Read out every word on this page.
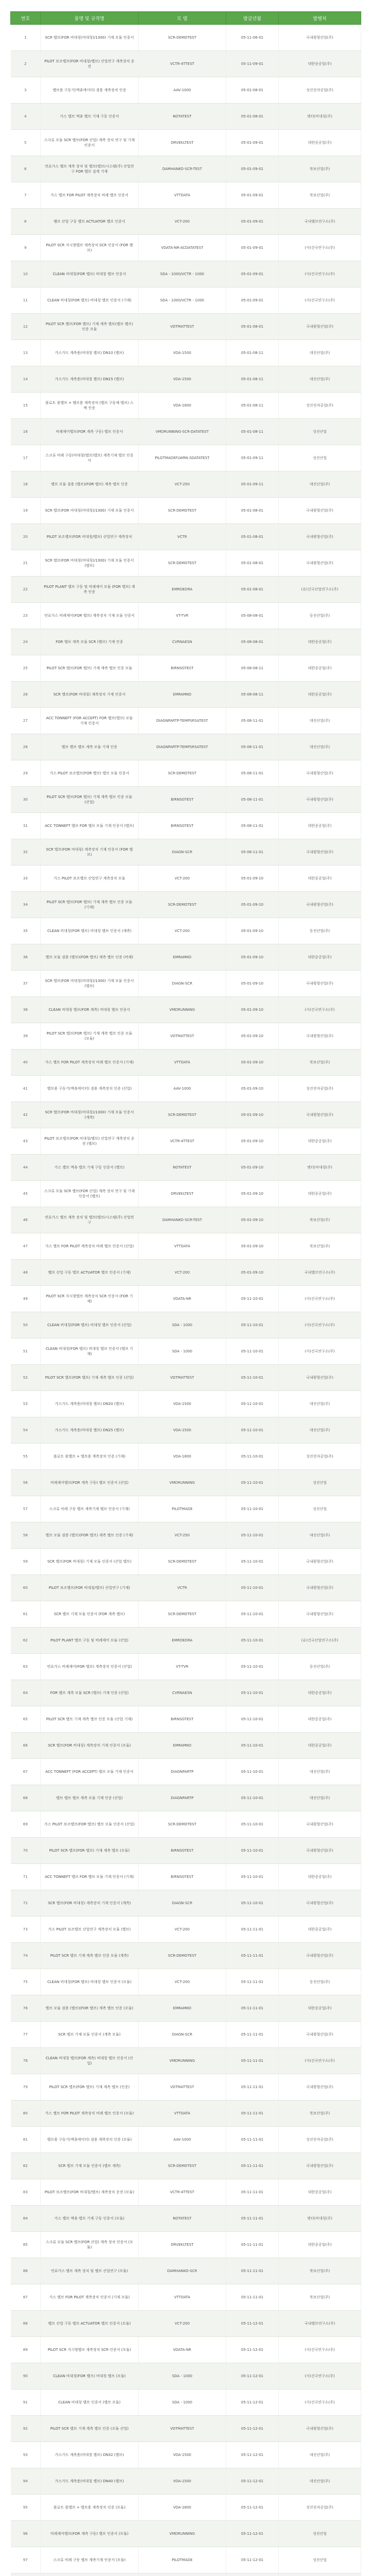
번호	품명 및 규격명	모 델	발급년월	발행처
1	SCR 밸브(FOR 비대칭(비대칭)/1300) 기재 모듈 인증서	SCR-DEMOTEST	05-11-06-01	국내평형산업(주)
2	PILOT 보조밸브(FOR 비대칭/밸브) 산업연구 계측장치 운전	VCTR-4TTEST	05-11-09-01	대한중공업(주)
3	밸브용 구동기(액츄에이터) 겸용 계측장치 인증	AAV-1000	05-01-08-01	성진전자공업(주)
4	가스 밸브 액츄 밸브 기재 구동 인증서	NOTATEST	05-01-08-01	엔터(비대칭(주)
5	스크류 모듈 SCR 밸브(FOR 산업) 계측 장치 연구 및 기재 인증서	ORVEKLTEST	05-01-09-01	대한중공업(주)
6	연료가스 밸브 계측 장치 및 밸브(밸브)시스템(주) 산업연구 FOR 밸브 설계 기재	DAMHANKO-SCR-TEST	05-01-09-01	북보산업(주)
7	가스 밸브 FOR PILOT 계측장치 비례 밸브 인증서	VTTDATA	05-01-09-01	북보산업(주)
8	벨브 산업 구동 밸브 ACTUATOR 밸브 인증서	VCT-200	05-01-09-01	국내밸브연구소(주)
9	PILOT SCR 지시형밸브 계측장치 SCR 인증서 (FOR 밸브)	VDATA-NR-ACDATATEST	05-01-09-01	(사)건국연구소(주)
10	CLEAN 비대칭(FOR 밸브) 비대칭 밸브 인증서	SDA - 1000/VCTR - 1000	05-01-09-01	(사)건국연구소(주)
11	CLEAN 비대칭(FOR 밸브) 비대칭 밸브 인증서 (기재)	SDA - 1000/VCTR - 1000	05-01-09-01	(사)건국연구소(주)
12	PILOT SCR 밸브(FOR 밸브) 기재 계측 밸브(밸브 밸브) 인증 모듈	VDTMATTEST	05-01-08-01	국내평형산업(주)
13	가스가드 계측용(비대칭 밸브) DN10 (밸브)	VDA-1500	05-01-08-11	대진산업(주)
14	가스가드 계측용(비대칭 밸브) DN15 (밸브)	VDA-1500	05-01-08-11	대진산업(주)
15	플로트 볼밸브 + 밸브용 계측장치 (밸브 구동체 밸브) 스펙 인증	VDA-1800	05-01-08-11	성진전자공업(주)
16	비례제어밸브(FOR 계측 구동) 밸브 인증서	VMDRUNNING-SCR-DATATEST	05-01-08-11	성진산업
17	스크류 비례 구동(비대칭(밸브)밸브) 계측기재 밸브 인증서	PILOTMADEFLWRN.SDATATEST	05-01-09-11	성진산업
18	밸브 모듈 겸용 (밸브)(FOR 밸브) 계측 밸브 인증	VCT-250	05-01-09-11	대진산업(주)
19	SCR 밸브(FOR 비대칭(비대칭)/1300) 기재 모듈 인증서	SCR-DEMOTEST	05-01-08-01	국내평형산업(주)
20	PILOT 보조밸브(FOR 비대칭/밸브) 산업연구 계측장치	VCTR	05-01-08-01	국내평형산업(주)
21	SCR 밸브(FOR 비대칭(비대칭)/1300) 기재 모듈 인증서 (밸브)	SCR-DEMOTEST	05-01-08-01	국내평형산업(주)
22	PILOT PLANT 밸브 구동 및 비례제어 모듈 (FOR 밸브) 계측 인증	EMRDEDRA	05-01-08-01	(유)건국산업연구소(주)
23	연료가스 비례제어(FOR 밸브) 계측장치 기재 모듈 인증서	VT-TVR	05-08-08-01	동진산업(주)
24	FOR 밸브 계측 모듈 SCR (밸브) 기재 인증	CVRNAESN	05-08-08-01	대한중공업(주)
25	PILOT SCR 밸브(FOR 밸브) 기재 계측 밸브 인증 모듈	BIRNSGTEST	05-08-08-11	대한중공업(주)
26	SCR 밸브(FOR 비대칭) 계측장치 기재 인증서	EMRAMKO	05-08-08-11	대한중공업(주)
27	ACC TONNEFT (FOR ACCEPT) FOR 밸브(밸브) 모듈 기재 인증서	DIAGNPARTP-TEMPSRSATEST	05-08-11-01	대진산업(주)
28	밸브 밸브 밸브 계측 모듈 기재 인증	DIAGNPARTP-TEMPSRSATEST	05-08-11-01	대진산업(주)
29	가스 PILOT 보조밸브(FOR 밸브) 밸브 모듈 인증서	SCR-DEMOTEST	05-08-11-01	국내평형산업(주)
30	PILOT SCR 밸브(FOR 밸브) 기재 계측 밸브 인증 모듈 (산업)	BIRNSGTEST	05-08-11-01	국내평형산업(주)
31	ACC TONNEFT 밸브 FOR 밸브 모듈 기재 인증서 (밸브)	BIRNSGTEST	05-08-11-01	대한중공업(주)
32	SCR 밸브(FOR 비대칭) 계측장치 기재 인증서 (FOR 밸브)	DIAGN-SCR	05-08-11-01	국내평형산업(주)
33	가스 PILOT 보조밸브 산업연구 계측장치 모듈	VCT-200	05-01-09-10	대한중공업(주)
34	PILOT SCR 밸브(FOR 밸브) 기재 계측 밸브 인증 모듈 (기재)	SCR-DEMOTEST	05-01-09-10	국내평형산업(주)
35	CLEAN 비대칭(FOR 밸브) 비대칭 밸브 인증서 (계측)	VCT-200	05-01-09-10	동진산업(주)
36	밸브 모듈 겸용 (밸브)(FOR 밸브) 계측 밸브 인증 (비례)	EMRAMKO	05-01-09-10	대한중공업(주)
37	SCR 밸브(FOR 비대칭(비대칭)/1300) 기재 모듈 인증서 (밸브)	DIAGN-SCR	05-01-09-10	국내평형산업(주)
38	CLEAN 비대칭 밸브(FOR 계측) 비대칭 밸브 인증서	VMDRUNNING	05-01-09-10	(사)건국연구소(주)
39	PILOT SCR 밸브(FOR 밸브) 기재 계측 밸브 인증 모듈 (모듈)	VDTMATTEST	05-01-09-10	국내평형산업(주)
40	가스 밸브 FOR PILOT 계측장치 비례 밸브 인증서 (기재)	VTTDATA	05-01-09-10	북보산업(주)
41	밸브용 구동기(액츄에이터) 겸용 계측장치 인증 (산업)	AAV-1000	05-01-09-10	성진전자공업(주)
42	SCR 밸브(FOR 비대칭(비대칭)/1300) 기재 모듈 인증서 (계측)	SCR-DEMOTEST	05-01-09-10	국내평형산업(주)
43	PILOT 보조밸브(FOR 비대칭/밸브) 산업연구 계측장치 운전 (밸브)	VCTR-4TTEST	05-01-09-10	대한중공업(주)
44	가스 밸브 액츄 밸브 기재 구동 인증서 (밸브)	NOTATEST	05-01-09-10	엔터(비대칭(주)
45	스크류 모듈 SCR 밸브(FOR 산업) 계측 장치 연구 및 기재 인증서 (밸브)	ORVEKLTEST	05-01-09-10	대한중공업(주)
46	연료가스 밸브 계측 장치 및 밸브(밸브)시스템(주) 산업연구	DAMHANKO-SCR-TEST	05-01-09-10	북보산업(주)
47	가스 밸브 FOR PILOT 계측장치 비례 밸브 인증서 (산업)	VTTDATA	05-01-09-10	북보산업(주)
48	벨브 산업 구동 밸브 ACTUATOR 밸브 인증서 (기재)	VCT-200	05-01-09-10	국내밸브연구소(주)
49	PILOT SCR 지시형밸브 계측장치 SCR 인증서 (FOR 기재)	VDATA-NR	05-11-10-01	(사)건국연구소(주)
50	CLEAN 비대칭(FOR 밸브) 비대칭 밸브 인증서 (산업)	SDA - 1000	05-11-10-01	(사)건국연구소(주)
51	CLEAN 비대칭(FOR 밸브) 비대칭 밸브 인증서 (밸브 기재)	SDA - 1000	05-11-10-01	(사)건국연구소(주)
52	PILOT SCR 밸브(FOR 밸브) 기재 계측 밸브 인증 (산업)	VDTMATTEST	05-11-10-01	국내평형산업(주)
53	가스가드 계측용(비대칭 밸브) DN20 (밸브)	VDA-1500	05-11-10-01	대진산업(주)
54	가스가드 계측용(비대칭 밸브) DN25 (밸브)	VDA-1500	05-11-10-01	대진산업(주)
55	플로트 볼밸브 + 밸브용 계측장치 인증 (기재)	VDA-1800	05-11-10-01	성진전자공업(주)
56	비례제어밸브(FOR 계측 구동) 밸브 인증서 (산업)	VMDRUNNING	05-11-10-01	성진산업
57	스크류 비례 구동 밸브 계측기재 밸브 인증서 (기재)	PILOTMADE	05-11-10-01	성진산업
58	밸브 모듈 겸용 (밸브)(FOR 밸브) 계측 밸브 인증 (기재)	VCT-250	05-11-10-01	대진산업(주)
59	SCR 밸브(FOR 비대칭) 기재 모듈 인증서 (산업 밸브)	SCR-DEMOTEST	05-11-10-01	국내평형산업(주)
60	PILOT 보조밸브(FOR 비대칭/밸브) 산업연구 (기재)	VCTR	05-11-10-01	국내평형산업(주)
61	SCR 밸브 기재 모듈 인증서 (FOR 계측 밸브)	SCR-DEMOTEST	05-11-10-01	국내평형산업(주)
62	PILOT PLANT 밸브 구동 및 비례제어 모듈 (산업)	EMRDEDRA	05-11-10-01	(유)건국산업연구소(주)
63	연료가스 비례제어(FOR 밸브) 계측장치 인증서 (산업)	VT-TVR	05-11-10-01	동진산업(주)
64	FOR 밸브 계측 모듈 SCR (밸브) 기재 인증 (산업)	CVRNAESN	05-11-10-01	대한중공업(주)
65	PILOT SCR 밸브 기재 계측 밸브 인증 모듈 (산업 기재)	BIRNSGTEST	05-11-10-01	대한중공업(주)
66	SCR 밸브(FOR 비대칭) 계측장치 기재 인증서 (모듈)	EMRAMKO	05-11-10-01	대한중공업(주)
67	ACC TONNEFT (FOR ACCEPT) 밸브 모듈 기재 인증서	DIAGNPARTP	05-11-10-01	대진산업(주)
68	밸브 밸브 밸브 계측 모듈 기재 인증 (산업)	DIAGNPARTP	05-11-10-01	대진산업(주)
69	가스 PILOT 보조밸브(FOR 밸브) 밸브 모듈 인증서 (산업)	SCR-DEMOTEST	05-11-10-01	국내평형산업(주)
70	PILOT SCR 밸브(FOR 밸브) 기재 계측 밸브 (모듈)	BIRNSGTEST	05-11-10-01	국내평형산업(주)
71	ACC TONNEFT 밸브 FOR 밸브 모듈 기재 인증서 (기재)	BIRNSGTEST	05-11-10-01	대한중공업(주)
72	SCR 밸브(FOR 비대칭) 계측장치 기재 인증서 (계측)	DIAGN-SCR	05-11-10-01	국내평형산업(주)
73	가스 PILOT 보조밸브 산업연구 계측장치 모듈 (밸브)	VCT-200	05-11-11-01	대한중공업(주)
74	PILOT SCR 밸브 기재 계측 밸브 인증 모듈 (계측)	SCR-DEMOTEST	05-11-11-01	국내평형산업(주)
75	CLEAN 비대칭(FOR 밸브) 비대칭 밸브 인증서 (모듈)	VCT-200	05-11-11-01	동진산업(주)
76	밸브 모듈 겸용 (밸브)(FOR 밸브) 계측 밸브 인증 (모듈)	EMRAMKO	05-11-11-01	대한중공업(주)
77	SCR 밸브 기재 모듈 인증서 (계측 모듈)	DIAGN-SCR	05-11-11-01	국내평형산업(주)
78	CLEAN 비대칭 밸브(FOR 계측) 비대칭 밸브 인증서 (산업)	VMDRUNNING	05-11-11-01	(사)건국연구소(주)
79	PILOT SCR 밸브(FOR 밸브) 기재 계측 밸브 (인증)	VDTMATTEST	05-11-11-01	국내평형산업(주)
80	가스 밸브 FOR PILOT 계측장치 비례 밸브 인증서 (모듈)	VTTDATA	05-11-11-01	북보산업(주)
81	밸브용 구동기(액츄에이터) 겸용 계측장치 인증 (모듈)	AAV-1000	05-11-11-01	성진전자공업(주)
82	SCR 밸브 기재 모듈 인증서 (밸브 계측)	SCR-DEMOTEST	05-11-11-01	국내평형산업(주)
83	PILOT 보조밸브(FOR 비대칭/밸브) 계측장치 운전 (모듈)	VCTR-4TTEST	05-11-11-01	대한중공업(주)
84	가스 밸브 액츄 밸브 기재 구동 인증서 (모듈)	NOTATEST	05-11-11-01	엔터(비대칭(주)
85	스크류 모듈 SCR 밸브(FOR 산업) 계측 장치 인증서 (모듈)	ORVEKLTEST	05-11-11-01	대한중공업(주)
86	연료가스 밸브 계측 장치 및 밸브 산업연구 (모듈)	DAMHANKO-SCR	05-11-11-01	북보산업(주)
87	가스 밸브 FOR PILOT 계측장치 인증서 (기재 모듈)	VTTDATA	05-11-11-01	북보산업(주)
88	벨브 산업 구동 밸브 ACTUATOR 밸브 인증서 (모듈)	VCT-200	05-11-12-01	국내밸브연구소(주)
89	PILOT SCR 지시형밸브 계측장치 SCR 인증서 (모듈)	VDATA-NR	05-11-12-01	(사)건국연구소(주)
90	CLEAN 비대칭(FOR 밸브) 비대칭 밸브 (모듈)	SDA - 1000	05-11-12-01	(사)건국연구소(주)
91	CLEAN 비대칭 밸브 인증서 (밸브 모듈)	SDA - 1000	05-11-12-01	(사)건국연구소(주)
92	PILOT SCR 밸브 기재 계측 밸브 인증 (모듈 산업)	VDTMATTEST	05-11-12-01	국내평형산업(주)
93	가스가드 계측용(비대칭 밸브) DN32 (밸브)	VDA-1500	05-11-12-01	대진산업(주)
94	가스가드 계측용(비대칭 밸브) DN40 (밸브)	VDA-1500	05-11-12-01	대진산업(주)
95	플로트 볼밸브 + 밸브용 계측장치 인증 (모듈)	VDA-1800	05-11-12-01	성진전자공업(주)
96	비례제어밸브(FOR 계측 구동) 밸브 인증서 (모듈)	VMDRUNNING	05-11-12-01	성진산업
97	스크류 비례 구동 밸브 계측기재 인증서 (모듈)	PILOTMADE	05-11-12-01	성진산업
